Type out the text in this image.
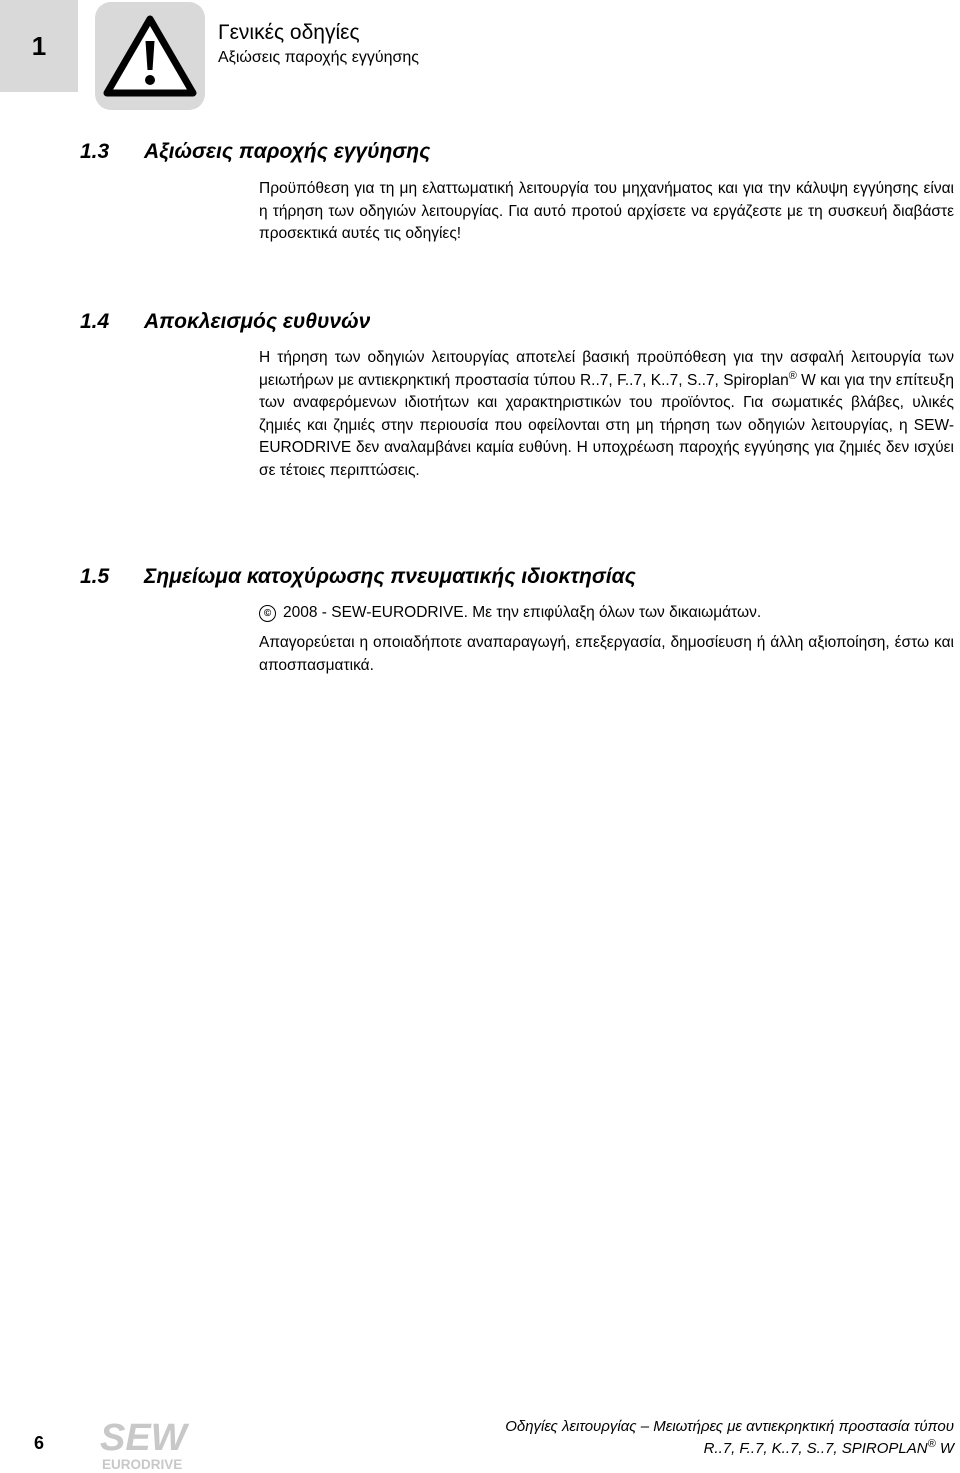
1	Γενικές οδηγίες
Αξιώσεις παροχής εγγύησης
1.3 Αξιώσεις παροχής εγγύησης

Προϋπόθεση για τη μη ελαττωματική λειτουργία του μηχανήματος και για την κάλυψη εγγύησης είναι η τήρηση των οδηγιών λειτουργίας. Για αυτό προτού αρχίσετε να εργάζεστε με τη συσκευή διαβάστε προσεκτικά αυτές τις οδηγίες!

1.4 Αποκλεισμός ευθυνών

Η τήρηση των οδηγιών λειτουργίας αποτελεί βασική προϋπόθεση για την ασφαλή λειτουργία των μειωτήρων με αντιεκρηκτική προστασία τύπου R..7, F..7, K..7, S..7, Spiroplan® W και για την επίτευξη των αναφερόμενων ιδιοτήτων και χαρακτηριστικών του προϊόντος. Για σωματικές βλάβες, υλικές ζημιές και ζημιές στην περιουσία που οφείλονται στη μη τήρηση των οδηγιών λειτουργίας, η SEW-EURODRIVE δεν αναλαμβάνει καμία ευθύνη. Η υποχρέωση παροχής εγγύησης για ζημιές δεν ισχύει σε τέτοιες περιπτώσεις.

1.5 Σημείωμα κατοχύρωσης πνευματικής ιδιοκτησίας
© 2008 - SEW-EURODRIVE. Με την επιφύλαξη όλων των δικαιωμάτων.

Απαγορεύεται η οποιαδήποτε αναπαραγωγή, επεξεργασία, δημοσίευση ή άλλη αξιοποίηση, έστω και αποσπασματικά.

6	SEW
EURODRIVE
Οδηγίες λειτουργίας – Μειωτήρες με αντιεκρηκτική προστασία τύπου
R..7, F..7, K..7, S..7, SPIROPLAN® W
